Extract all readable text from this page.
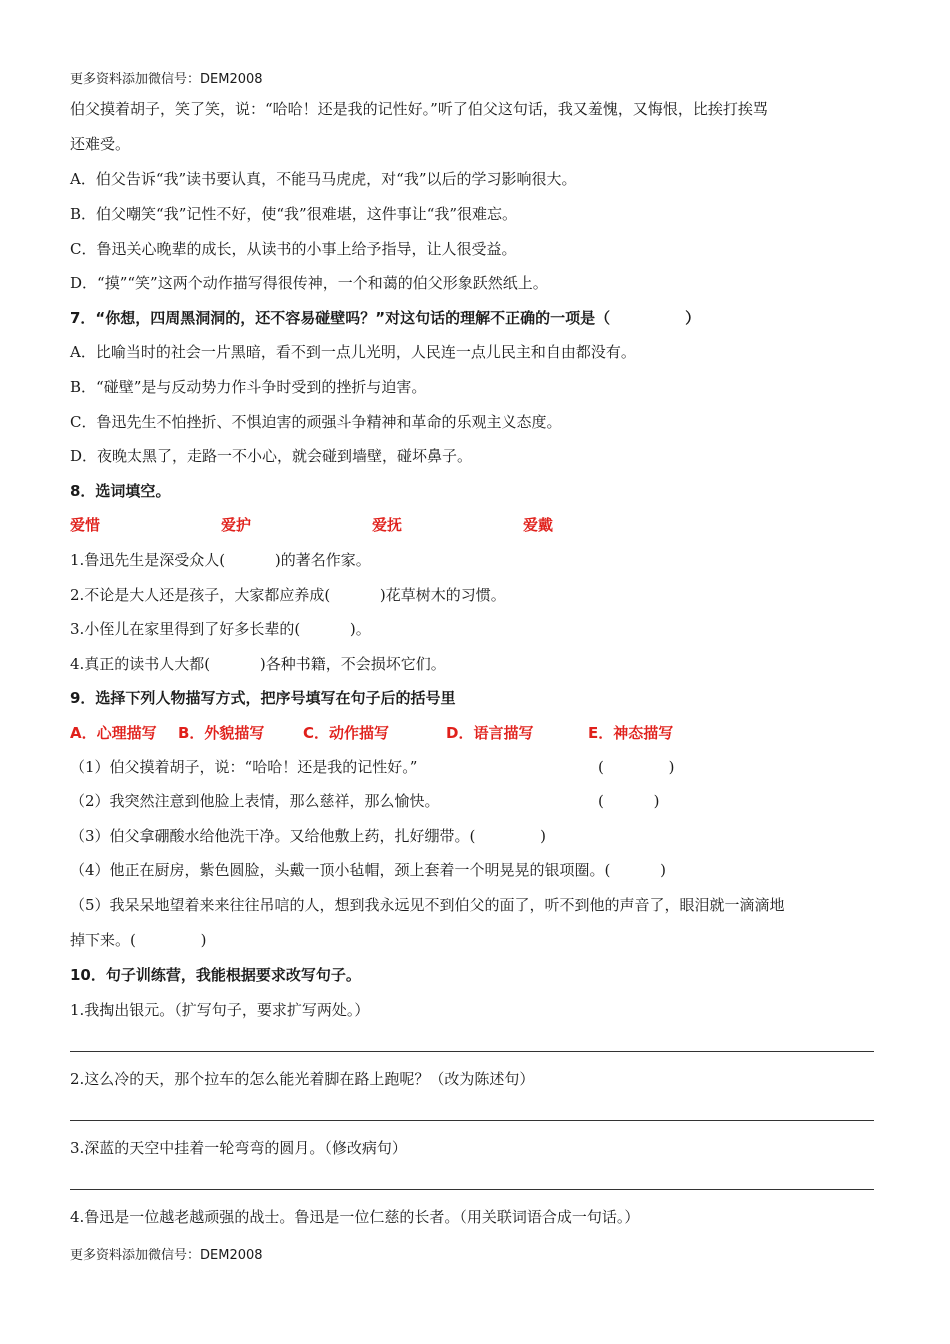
更多资料添加微信号：DEM2008
伯父摸着胡子，笑了笑，说：“哈哈！还是我的记性好。”听了伯父这句话，我又羞愧，又悔恨，比挨打挨骂
还难受。
A．伯父告诉“我”读书要认真，不能马马虎虎，对“我”以后的学习影响很大。
B．伯父嘲笑“我”记性不好，使“我”很难堪，这件事让“我”很难忘。
C．鲁迅关心晚辈的成长，从读书的小事上给予指导，让人很受益。
D．“摸”“笑”这两个动作描写得很传神，一个和蔼的伯父形象跃然纸上。
7．“你想，四周黑洞洞的，还不容易碰壁吗？”对这句话的理解不正确的一项是（　　　　　）
A．比喻当时的社会一片黑暗，看不到一点儿光明，人民连一点儿民主和自由都没有。
B．“碰壁”是与反动势力作斗争时受到的挫折与迫害。
C．鲁迅先生不怕挫折、不惧迫害的顽强斗争精神和革命的乐观主义态度。
D．夜晚太黑了，走路一不小心，就会碰到墙壁，碰坏鼻子。
8．选词填空。
爱惜	爱护	爱抚	爱戴
1.鲁迅先生是深受众人(　　　 )的著名作家。
2.不论是大人还是孩子，大家都应养成(　　　 )花草树木的习惯。
3.小侄儿在家里得到了好多长辈的(　　　 )。
4.真正的读书人大都(　　　 )各种书籍，不会损坏它们。
9．选择下列人物描写方式，把序号填写在句子后的括号里
A．心理描写 B．外貌描写	C．动作描写	D．语言描写	E．神态描写
（1）伯父摸着胡子，说：“哈哈！还是我的记性好。”	(　　　　 )
（2）我突然注意到他脸上表情，那么慈祥，那么愉快。	(　　　 )
（3）伯父拿硼酸水给他洗干净。又给他敷上药，扎好绷带。(　　　　 )
（4）他正在厨房，紫色圆脸，头戴一顶小毡帽，颈上套着一个明晃晃的银项圈。(　　　 )
（5）我呆呆地望着来来往往吊唁的人，想到我永远见不到伯父的面了，听不到他的声音了，眼泪就一滴滴地
掉下来。(　　　　 )
10．句子训练营，我能根据要求改写句子。
1.我掏出银元。（扩写句子，要求扩写两处。）
2.这么冷的天，那个拉车的怎么能光着脚在路上跑呢？（改为陈述句）
3.深蓝的天空中挂着一轮弯弯的圆月。（修改病句）
4.鲁迅是一位越老越顽强的战士。鲁迅是一位仁慈的长者。（用关联词语合成一句话。）
更多资料添加微信号：DEM2008
